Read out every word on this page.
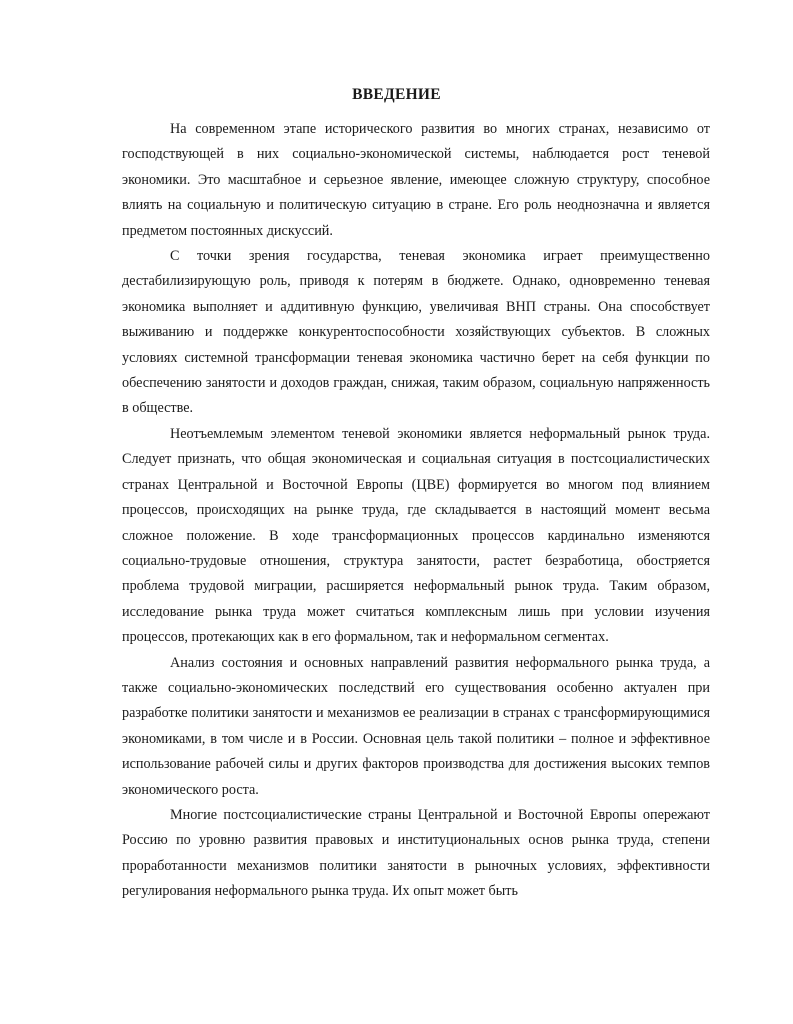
ВВЕДЕНИЕ

На современном этапе исторического развития во многих странах, независимо от господствующей в них социально-экономической системы, наблюдается рост теневой экономики. Это масштабное и серьезное явление, имеющее сложную структуру, способное влиять на социальную и политическую ситуацию в стране. Его роль неоднозначна и является предметом постоянных дискуссий.

С точки зрения государства, теневая экономика играет преимущественно дестабилизирующую роль, приводя к потерям в бюджете. Однако, одновременно теневая экономика выполняет и аддитивную функцию, увеличивая ВНП страны. Она способствует выживанию и поддержке конкурентоспособности хозяйствующих субъектов. В сложных условиях системной трансформации теневая экономика частично берет на себя функции по обеспечению занятости и доходов граждан, снижая, таким образом, социальную напряженность в обществе.

Неотъемлемым элементом теневой экономики является неформальный рынок труда. Следует признать, что общая экономическая и социальная ситуация в постсоциалистических странах Центральной и Восточной Европы (ЦВЕ) формируется во многом под влиянием процессов, происходящих на рынке труда, где складывается в настоящий момент весьма сложное положение. В ходе трансформационных процессов кардинально изменяются социально-трудовые отношения, структура занятости, растет безработица, обостряется проблема трудовой миграции, расширяется неформальный рынок труда. Таким образом, исследование рынка труда может считаться комплексным лишь при условии изучения процессов, протекающих как в его формальном, так и неформальном сегментах.

Анализ состояния и основных направлений развития неформального рынка труда, а также социально-экономических последствий его существования особенно актуален при разработке политики занятости и механизмов ее реализации в странах с трансформирующимися экономиками, в том числе и в России. Основная цель такой политики – полное и эффективное использование рабочей силы и других факторов производства для достижения высоких темпов экономического роста.

Многие постсоциалистические страны Центральной и Восточной Европы опережают Россию по уровню развития правовых и институциональных основ рынка труда, степени проработанности механизмов политики занятости в рыночных условиях, эффективности регулирования неформального рынка труда. Их опыт может быть
